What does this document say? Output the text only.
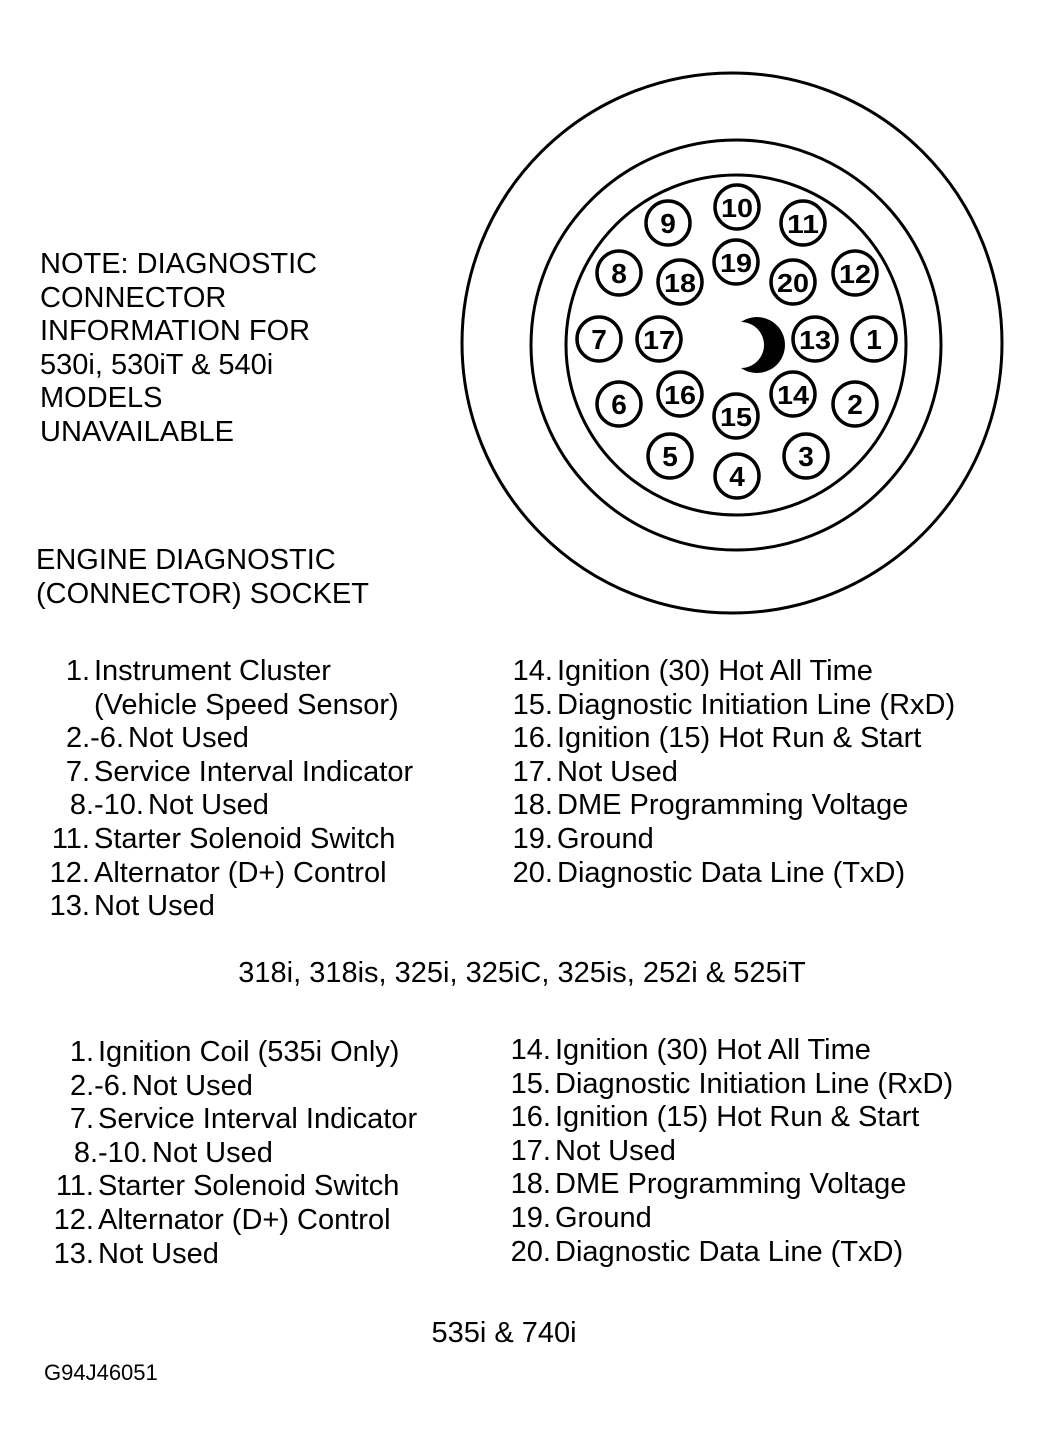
1
2
3
4
5
6
7
8
9 10
11
12
13
14
15
16
17
18
19
20
NOTE: DIAGNOSTIC
CONNECTOR
INFORMATION FOR
530i, 530iT & 540i
MODELS
UNAVAILABLE
ENGINE DIAGNOSTIC
(CONNECTOR) SOCKET
1. Instrument Cluster
(Vehicle Speed Sensor)
2.-6. Not Used
7. Service Interval Indicator
8.-10. Not Used
11. Starter Solenoid Switch
12. Alternator (D+) Control
13. Not Used
14. Ignition (30) Hot All Time
15. Diagnostic Initiation Line (RxD)
16. Ignition (15) Hot Run & Start
17. Not Used
18. DME Programming Voltage
19. Ground
20. Diagnostic Data Line (TxD)
318i, 318is, 325i, 325iC, 325is, 252i & 525iT
1. Ignition Coil (535i Only)
2.-6. Not Used
7. Service Interval Indicator
8.-10. Not Used
11. Starter Solenoid Switch
12. Alternator (D+) Control
13. Not Used
14. Ignition (30) Hot All Time
15. Diagnostic Initiation Line (RxD)
16. Ignition (15) Hot Run & Start
17. Not Used
18. DME Programming Voltage
19. Ground
20. Diagnostic Data Line (TxD)
535i & 740i
G94J46051
